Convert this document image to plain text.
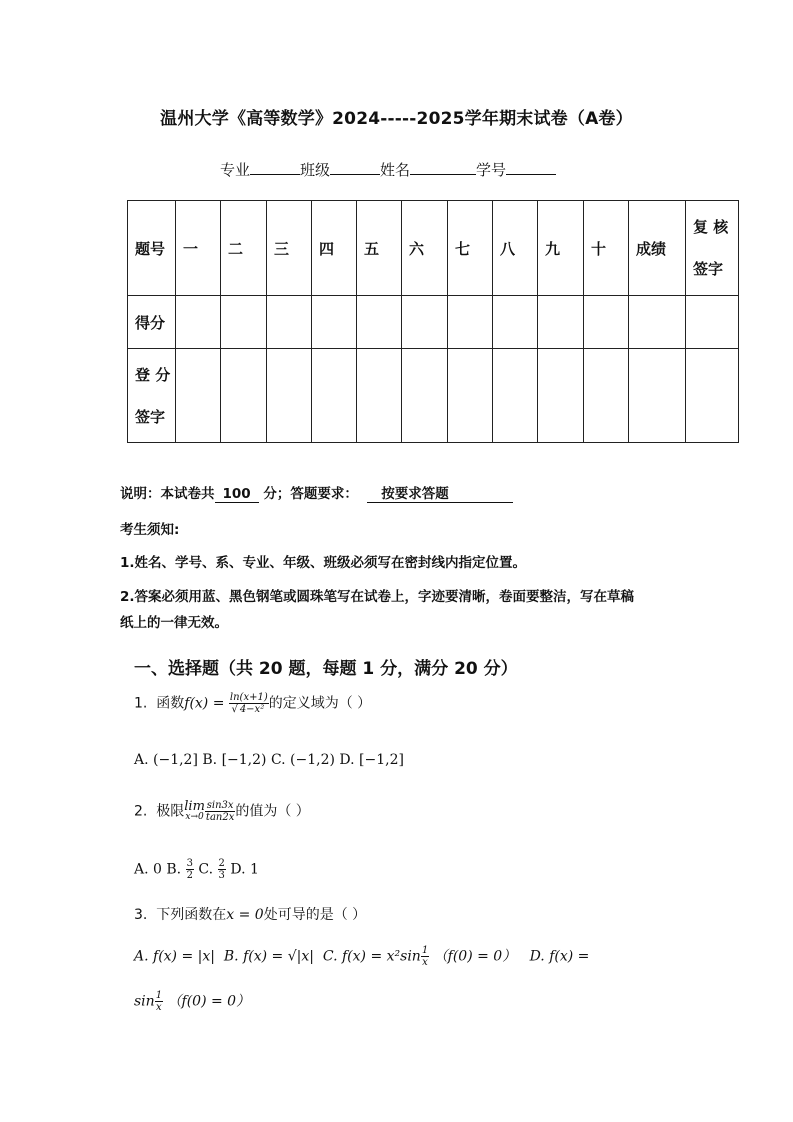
温州大学《高等数学》2024-----2025学年期末试卷（A卷）
专业	班级	姓名	学号
题号	一	二	三	四	五	六	七	八	九	十	成绩	复 核
签字

得分												

登 分
签字												

说明：本试卷共 100 分；答题要求： 按要求答题
考生须知:
1.姓名、学号、系、专业、年级、班级必须写在密封线内指定位置。
2.答案必须用蓝、黑色钢笔或圆珠笔写在试卷上，字迹要清晰，卷面要整洁，写在草稿
纸上的一律无效。
一、选择题（共 20 题，每题 1 分，满分 20 分）
1. 函数$f(x) = \frac{\ln(x+1)}{\text{√ 4−x²}}$ 的定义域为（ ）
A. (−1,2] B. [−1,2) C. (−1,2) D. [−1,2]
2. 极限 lim
$x\to 0 \frac{\sin 3x}{\tan 2x}$ 的值为（ ）
A. 0 B. $\frac{3}{2} C$. $\frac{2}{3} D$. 1
3. 下列函数在x = 0处可导的是（ ）
A. f(x) = |x| B. f(x) = √|x| C. $f(x) = x^2\sin \frac{1}{x} (f(0) = 0)$ D. f(x) =
$\sin \frac{1}{x} (f(0) = 0)$
